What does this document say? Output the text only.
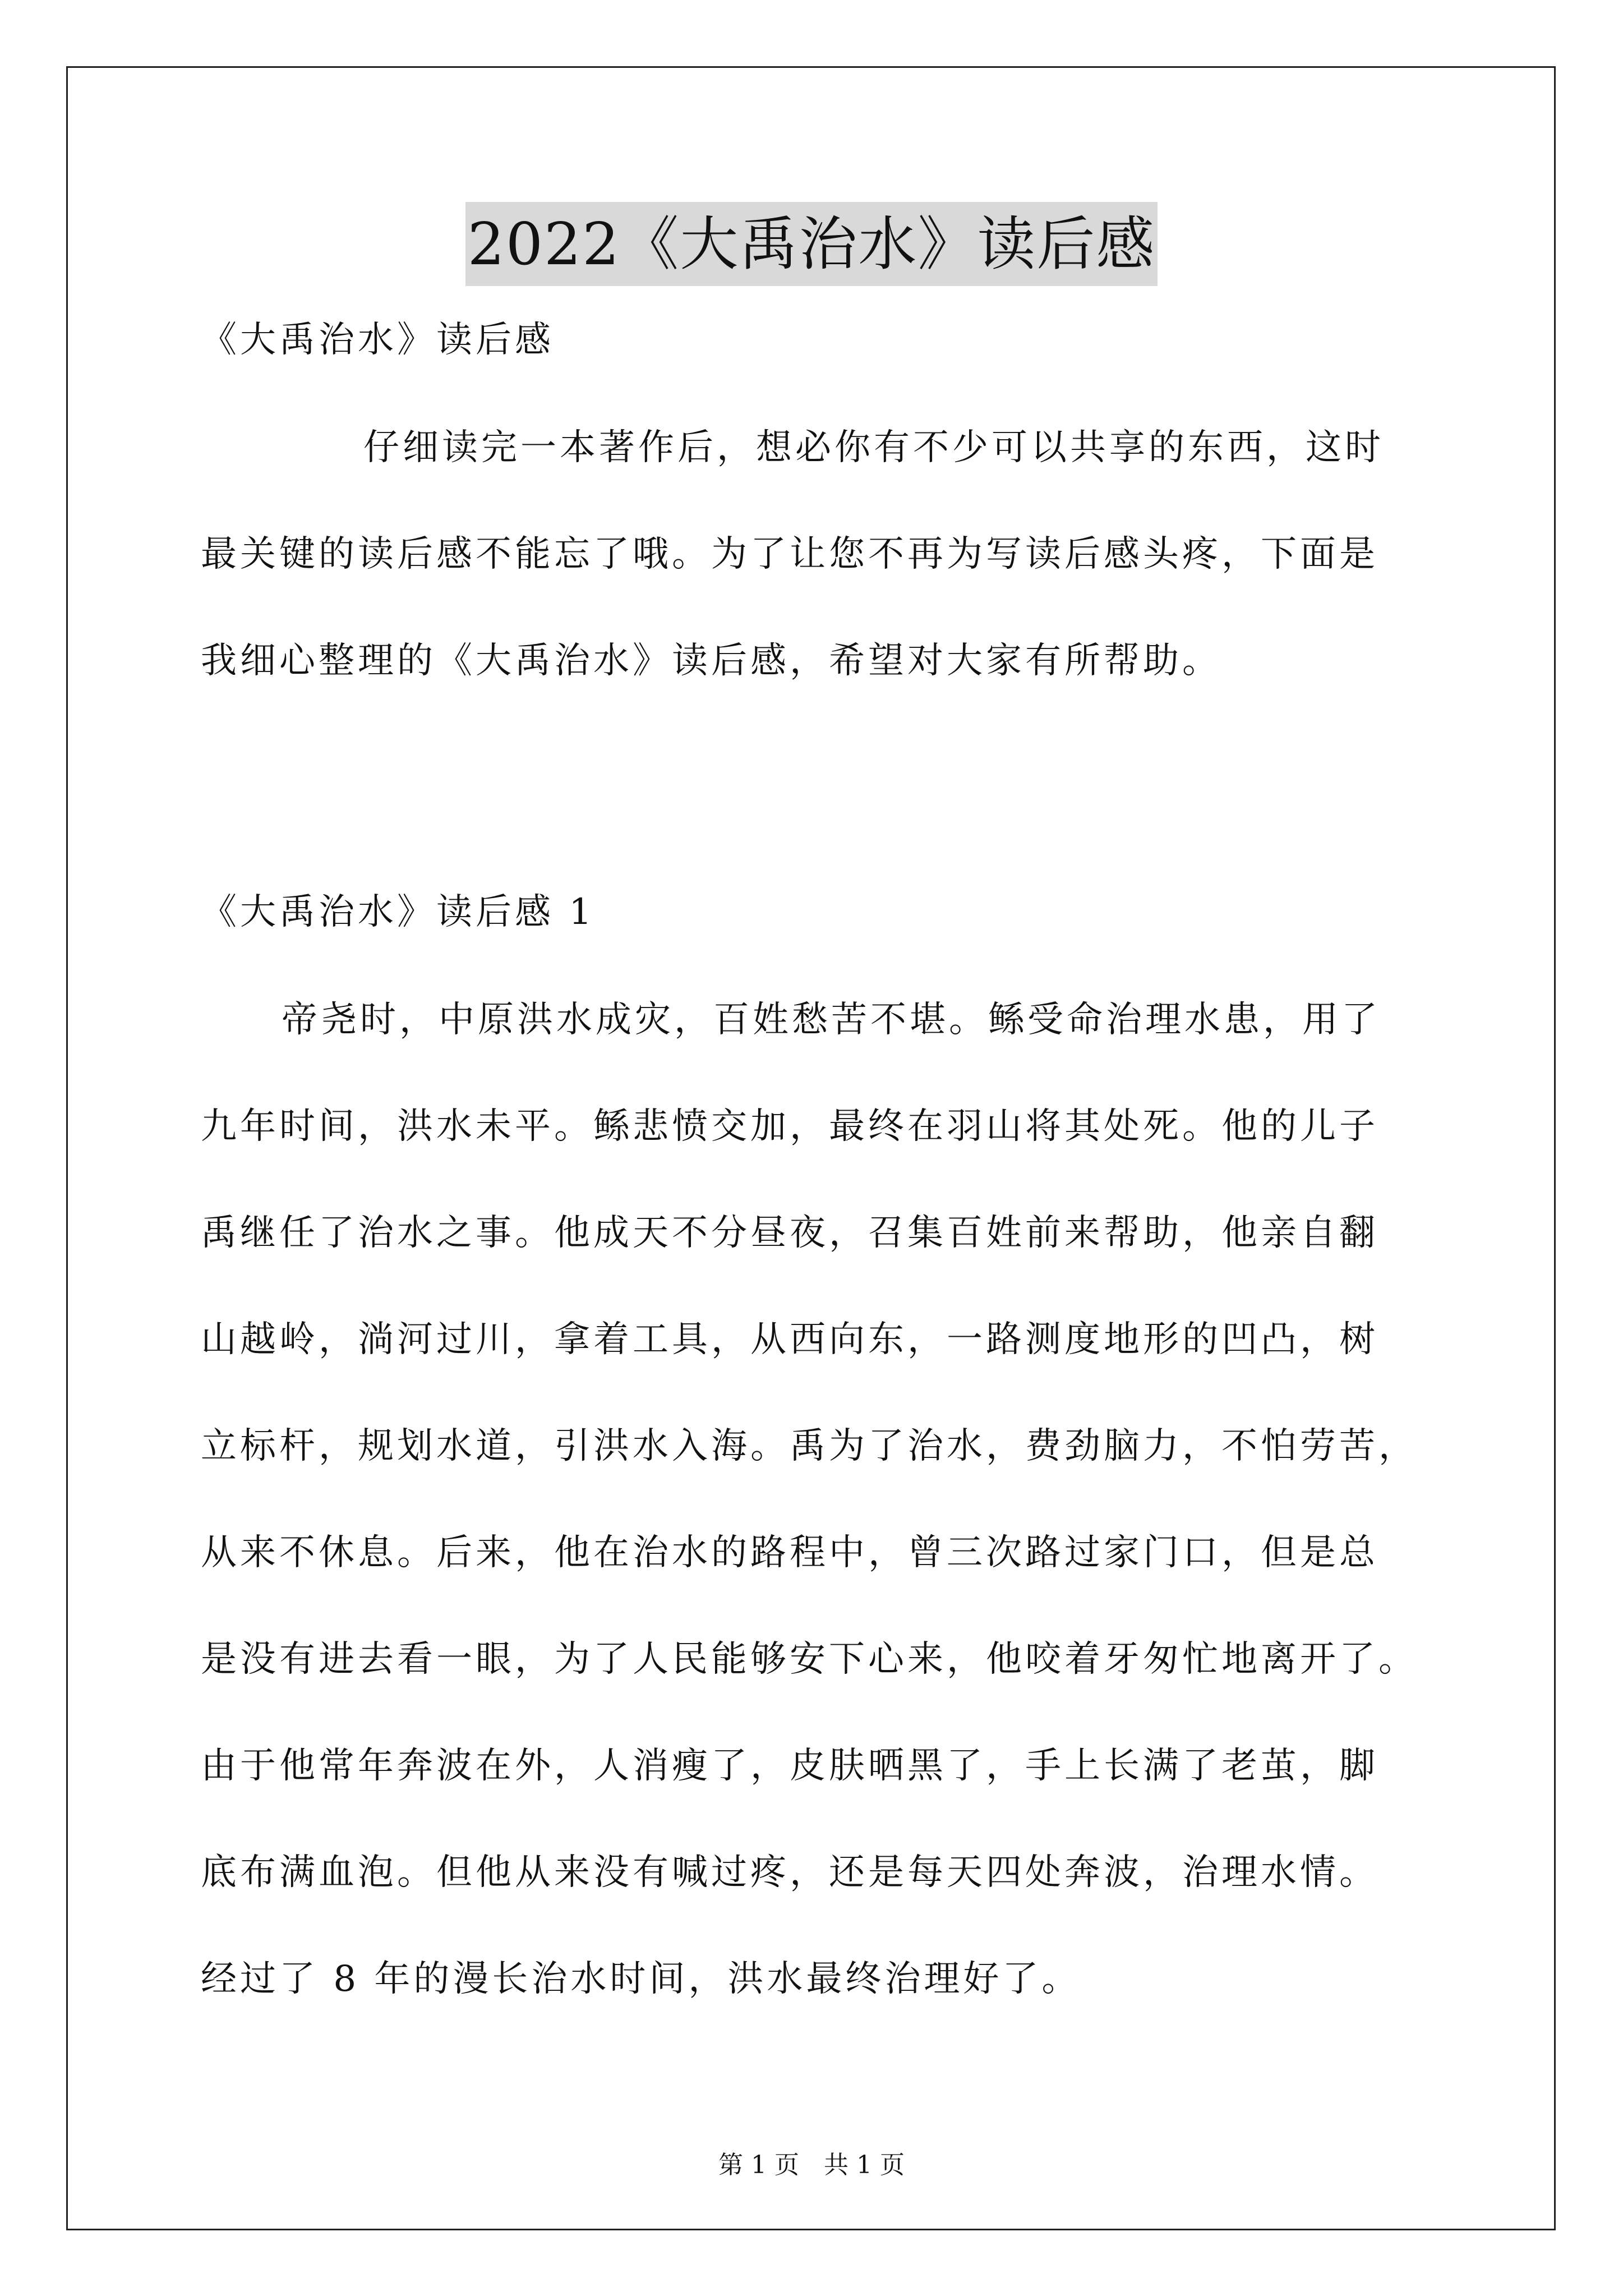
2022《大禹治水》读后感
《大禹治水》读后感
仔细读完一本著作后，想必你有不少可以共享的东西，这时
最关键的读后感不能忘了哦。为了让您不再为写读后感头疼，下面是
我细心整理的《大禹治水》读后感，希望对大家有所帮助。
《大禹治水》读后感 1
帝尧时，中原洪水成灾，百姓愁苦不堪。鲧受命治理水患，用了
九年时间，洪水未平。鲧悲愤交加，最终在羽山将其处死。他的儿子
禹继任了治水之事。他成天不分昼夜，召集百姓前来帮助，他亲自翻
山越岭，淌河过川，拿着工具，从西向东，一路测度地形的凹凸，树
立标杆，规划水道，引洪水入海。禹为了治水，费劲脑力，不怕劳苦，
从来不休息。后来，他在治水的路程中，曾三次路过家门口，但是总
是没有进去看一眼，为了人民能够安下心来，他咬着牙匆忙地离开了。
由于他常年奔波在外，人消瘦了，皮肤晒黑了，手上长满了老茧，脚
底布满血泡。但他从来没有喊过疼，还是每天四处奔波，治理水情。
经过了 8 年的漫长治水时间，洪水最终治理好了。
第 1 页　共 1 页
